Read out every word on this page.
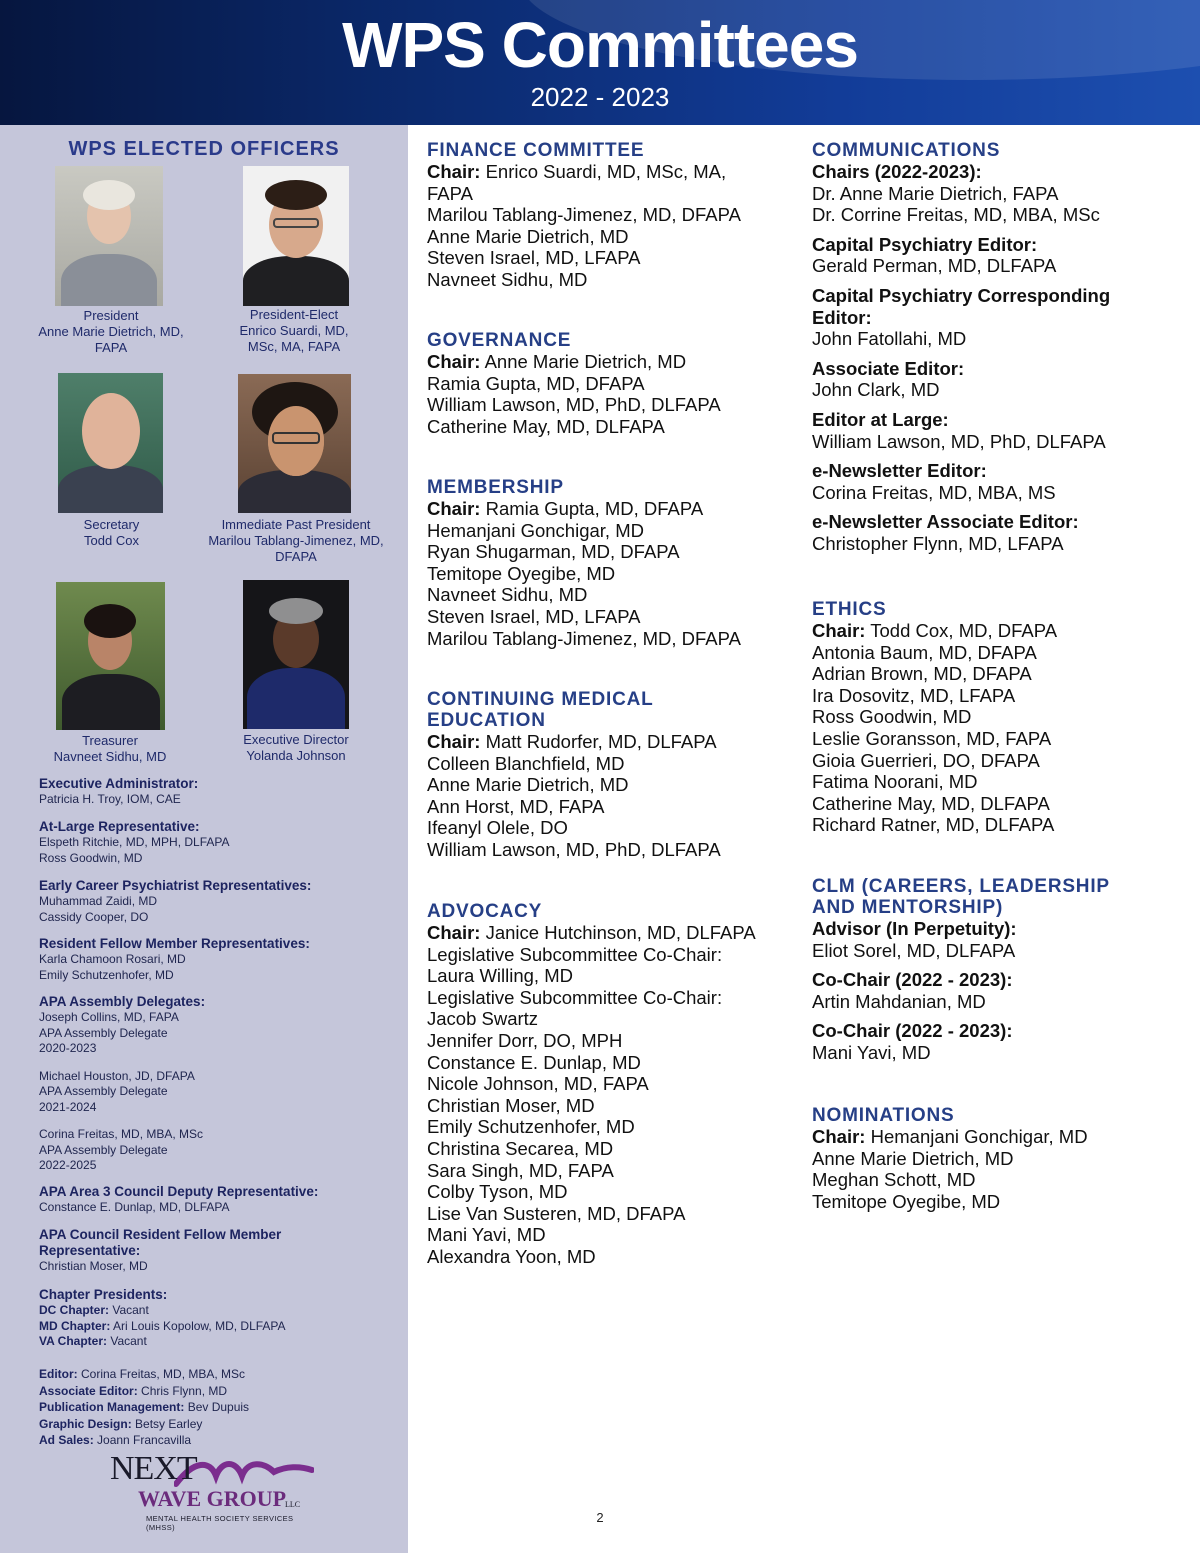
WPS Committees
2022 - 2023
WPS ELECTED OFFICERS
President
Anne Marie Dietrich, MD,
FAPA
President-Elect
Enrico Suardi, MD,
MSc, MA, FAPA
Secretary
Todd Cox
Immediate Past President
Marilou Tablang-Jimenez, MD,
DFAPA
Treasurer
Navneet Sidhu, MD
Executive Director
Yolanda Johnson
Executive Administrator:
Patricia H. Troy, IOM, CAE
At-Large Representative:
Elspeth Ritchie, MD, MPH, DLFAPA
Ross Goodwin, MD
Early Career Psychiatrist Representatives:
Muhammad Zaidi, MD
Cassidy Cooper, DO
Resident Fellow Member Representatives:
Karla Chamoon Rosari, MD
Emily Schutzenhofer, MD
APA Assembly Delegates:
Joseph Collins, MD, FAPA
APA Assembly Delegate
2020-2023
Michael Houston, JD, DFAPA
APA Assembly Delegate
2021-2024
Corina Freitas, MD, MBA, MSc
APA Assembly Delegate
2022-2025
APA Area 3 Council Deputy Representative:
Constance E. Dunlap, MD, DLFAPA
APA Council Resident Fellow Member
Representative:
Christian Moser, MD
Chapter Presidents:
DC Chapter: Vacant
MD Chapter: Ari Louis Kopolow, MD, DLFAPA
VA Chapter: Vacant
Editor: Corina Freitas, MD, MBA, MSc
Associate Editor: Chris Flynn, MD
Publication Management: Bev Dupuis
Graphic Design: Betsy Earley
Ad Sales: Joann Francavilla
NEXT
WAVE GROUP
LLC
MENTAL HEALTH SOCIETY SERVICES (MHSS)
FINANCE COMMITTEE
Chair: Enrico Suardi, MD, MSc, MA,
FAPA
Marilou Tablang-Jimenez, MD, DFAPA
Anne Marie Dietrich, MD
Steven Israel, MD, LFAPA
Navneet Sidhu, MD
GOVERNANCE
Chair: Anne Marie Dietrich, MD
Ramia Gupta, MD, DFAPA
William Lawson, MD, PhD, DLFAPA
Catherine May, MD, DLFAPA
MEMBERSHIP
Chair: Ramia Gupta, MD, DFAPA
Hemanjani Gonchigar, MD
Ryan Shugarman, MD, DFAPA
Temitope Oyegibe, MD
Navneet Sidhu, MD
Steven Israel, MD, LFAPA
Marilou Tablang-Jimenez, MD, DFAPA
CONTINUING MEDICAL
EDUCATION
Chair: Matt Rudorfer, MD, DLFAPA
Colleen Blanchfield, MD
Anne Marie Dietrich, MD
Ann Horst, MD, FAPA
Ifeanyl Olele, DO
William Lawson, MD, PhD, DLFAPA
ADVOCACY
Chair: Janice Hutchinson, MD, DLFAPA
Legislative Subcommittee Co-Chair:
Laura Willing, MD
Legislative Subcommittee Co-Chair:
Jacob Swartz
Jennifer Dorr, DO, MPH
Constance E. Dunlap, MD
Nicole Johnson, MD, FAPA
Christian Moser, MD
Emily Schutzenhofer, MD
Christina Secarea, MD
Sara Singh, MD, FAPA
Colby Tyson, MD
Lise Van Susteren, MD, DFAPA
Mani Yavi, MD
Alexandra Yoon, MD
COMMUNICATIONS
Chairs (2022-2023):
Dr. Anne Marie Dietrich, FAPA
Dr. Corrine Freitas, MD, MBA, MSc
Capital Psychiatry Editor:
Gerald Perman, MD, DLFAPA
Capital Psychiatry Corresponding
Editor:
John Fatollahi, MD
Associate Editor:
John Clark, MD
Editor at Large:
William Lawson, MD, PhD, DLFAPA
e-Newsletter Editor:
Corina Freitas, MD, MBA, MS
e-Newsletter Associate Editor:
Christopher Flynn, MD, LFAPA
ETHICS
Chair: Todd Cox, MD, DFAPA
Antonia Baum, MD, DFAPA
Adrian Brown, MD, DFAPA
Ira Dosovitz, MD, LFAPA
Ross Goodwin, MD
Leslie Goransson, MD, FAPA
Gioia Guerrieri, DO, DFAPA
Fatima Noorani, MD
Catherine May, MD, DLFAPA
Richard Ratner, MD, DLFAPA
CLM (CAREERS, LEADERSHIP
AND MENTORSHIP)
Advisor (In Perpetuity):
Eliot Sorel, MD, DLFAPA
Co-Chair (2022 - 2023):
Artin Mahdanian, MD
Co-Chair (2022 - 2023):
Mani Yavi, MD
NOMINATIONS
Chair: Hemanjani Gonchigar, MD
Anne Marie Dietrich, MD
Meghan Schott, MD
Temitope Oyegibe, MD
2
